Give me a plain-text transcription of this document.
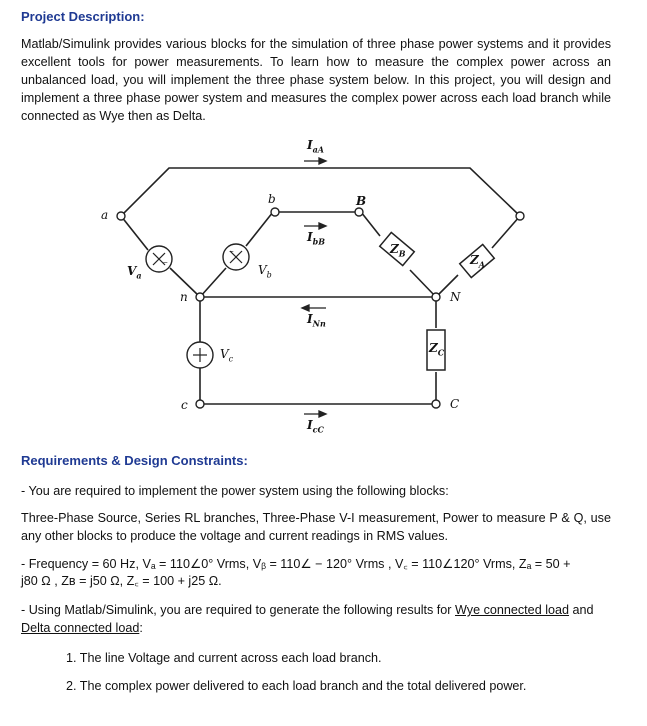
Project Description:
Matlab/Simulink provides various blocks for the simulation of three phase power systems and it provides excellent tools for power measurements. To learn how to measure the complex power across an unbalanced load, you will implement the three phase system below. In this project, you will design and implement a three phase power system and measures the complex power across each load branch while connected as Wye then as Delta.
−
−
a
b	B
n	N
c	C
$V_a$	$V_b$
$V_c$
$I_{aA}$
$I_{bB}$
$I_{Nn}$
$I_{cC}$
$Z_B$	$Z_A$
$Z_C$
Requirements & Design Constraints:
- You are required to implement the power system using the following blocks:
Three-Phase Source, Series RL branches, Three-Phase V-I measurement, Power to measure P & Q, use any other blocks to produce the voltage and current readings in RMS values.
- Frequency = 60 Hz, Vₐ = 110∠0° Vrms, Vᵦ = 110∠ − 120° Vrms , V꜀ = 110∠120° Vrms, Zₐ = 50 +
j80 Ω , Zʙ = j50 Ω, Z꜀ = 100 + j25 Ω.
- Using Matlab/Simulink, you are required to generate the following results for Wye connected load and
Delta connected load:
1. The line Voltage and current across each load branch.
2. The complex power delivered to each load branch and the total delivered power.
